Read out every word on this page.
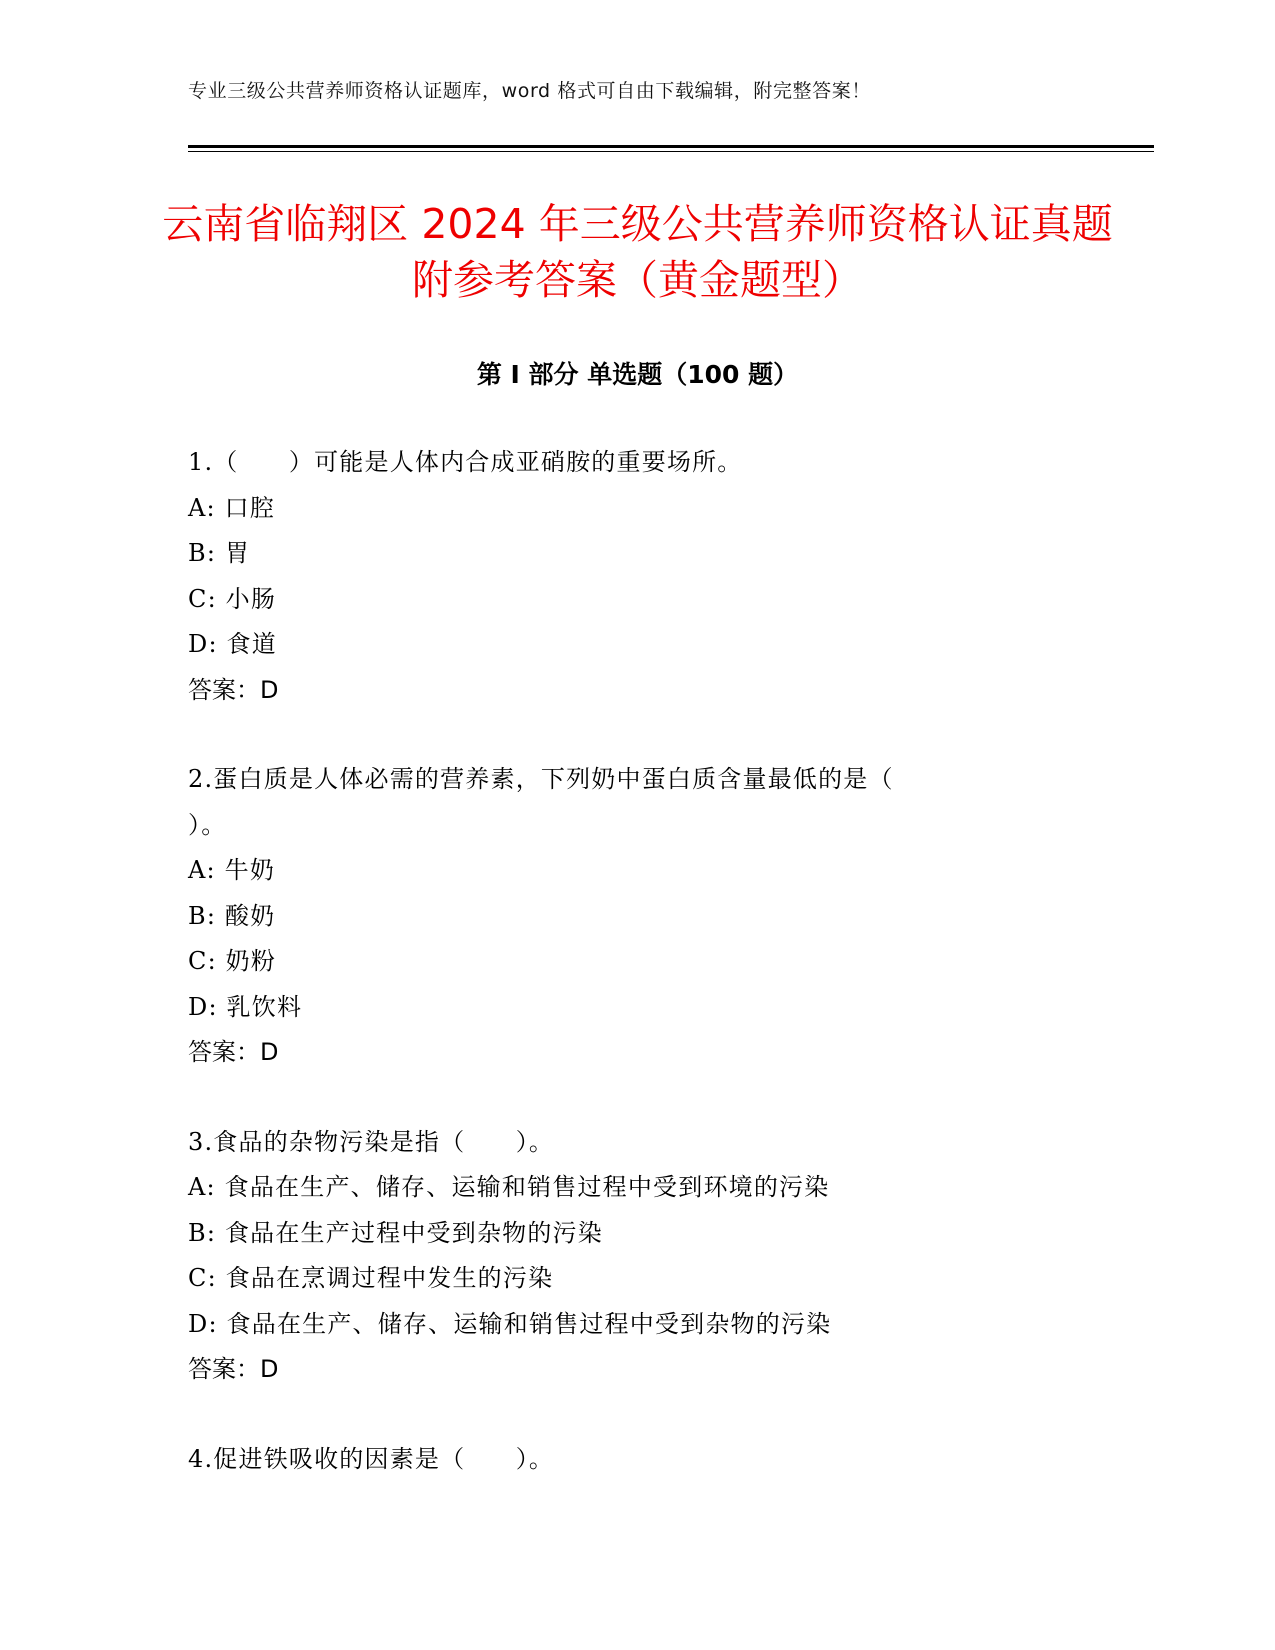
专业三级公共营养师资格认证题库，word 格式可自由下载编辑，附完整答案！
云南省临翔区 2024 年三级公共营养师资格认证真题附参考答案（黄金题型）
第 I 部分 单选题（100 题）
1.（　　）可能是人体内合成亚硝胺的重要场所。
A: 口腔
B: 胃
C: 小肠
D: 食道
答案：D
2.蛋白质是人体必需的营养素，下列奶中蛋白质含量最低的是（
）。
A: 牛奶
B: 酸奶
C: 奶粉
D: 乳饮料
答案：D
3.食品的杂物污染是指（　　）。
A: 食品在生产、储存、运输和销售过程中受到环境的污染
B: 食品在生产过程中受到杂物的污染
C: 食品在烹调过程中发生的污染
D: 食品在生产、储存、运输和销售过程中受到杂物的污染
答案：D
4.促进铁吸收的因素是（　　）。
